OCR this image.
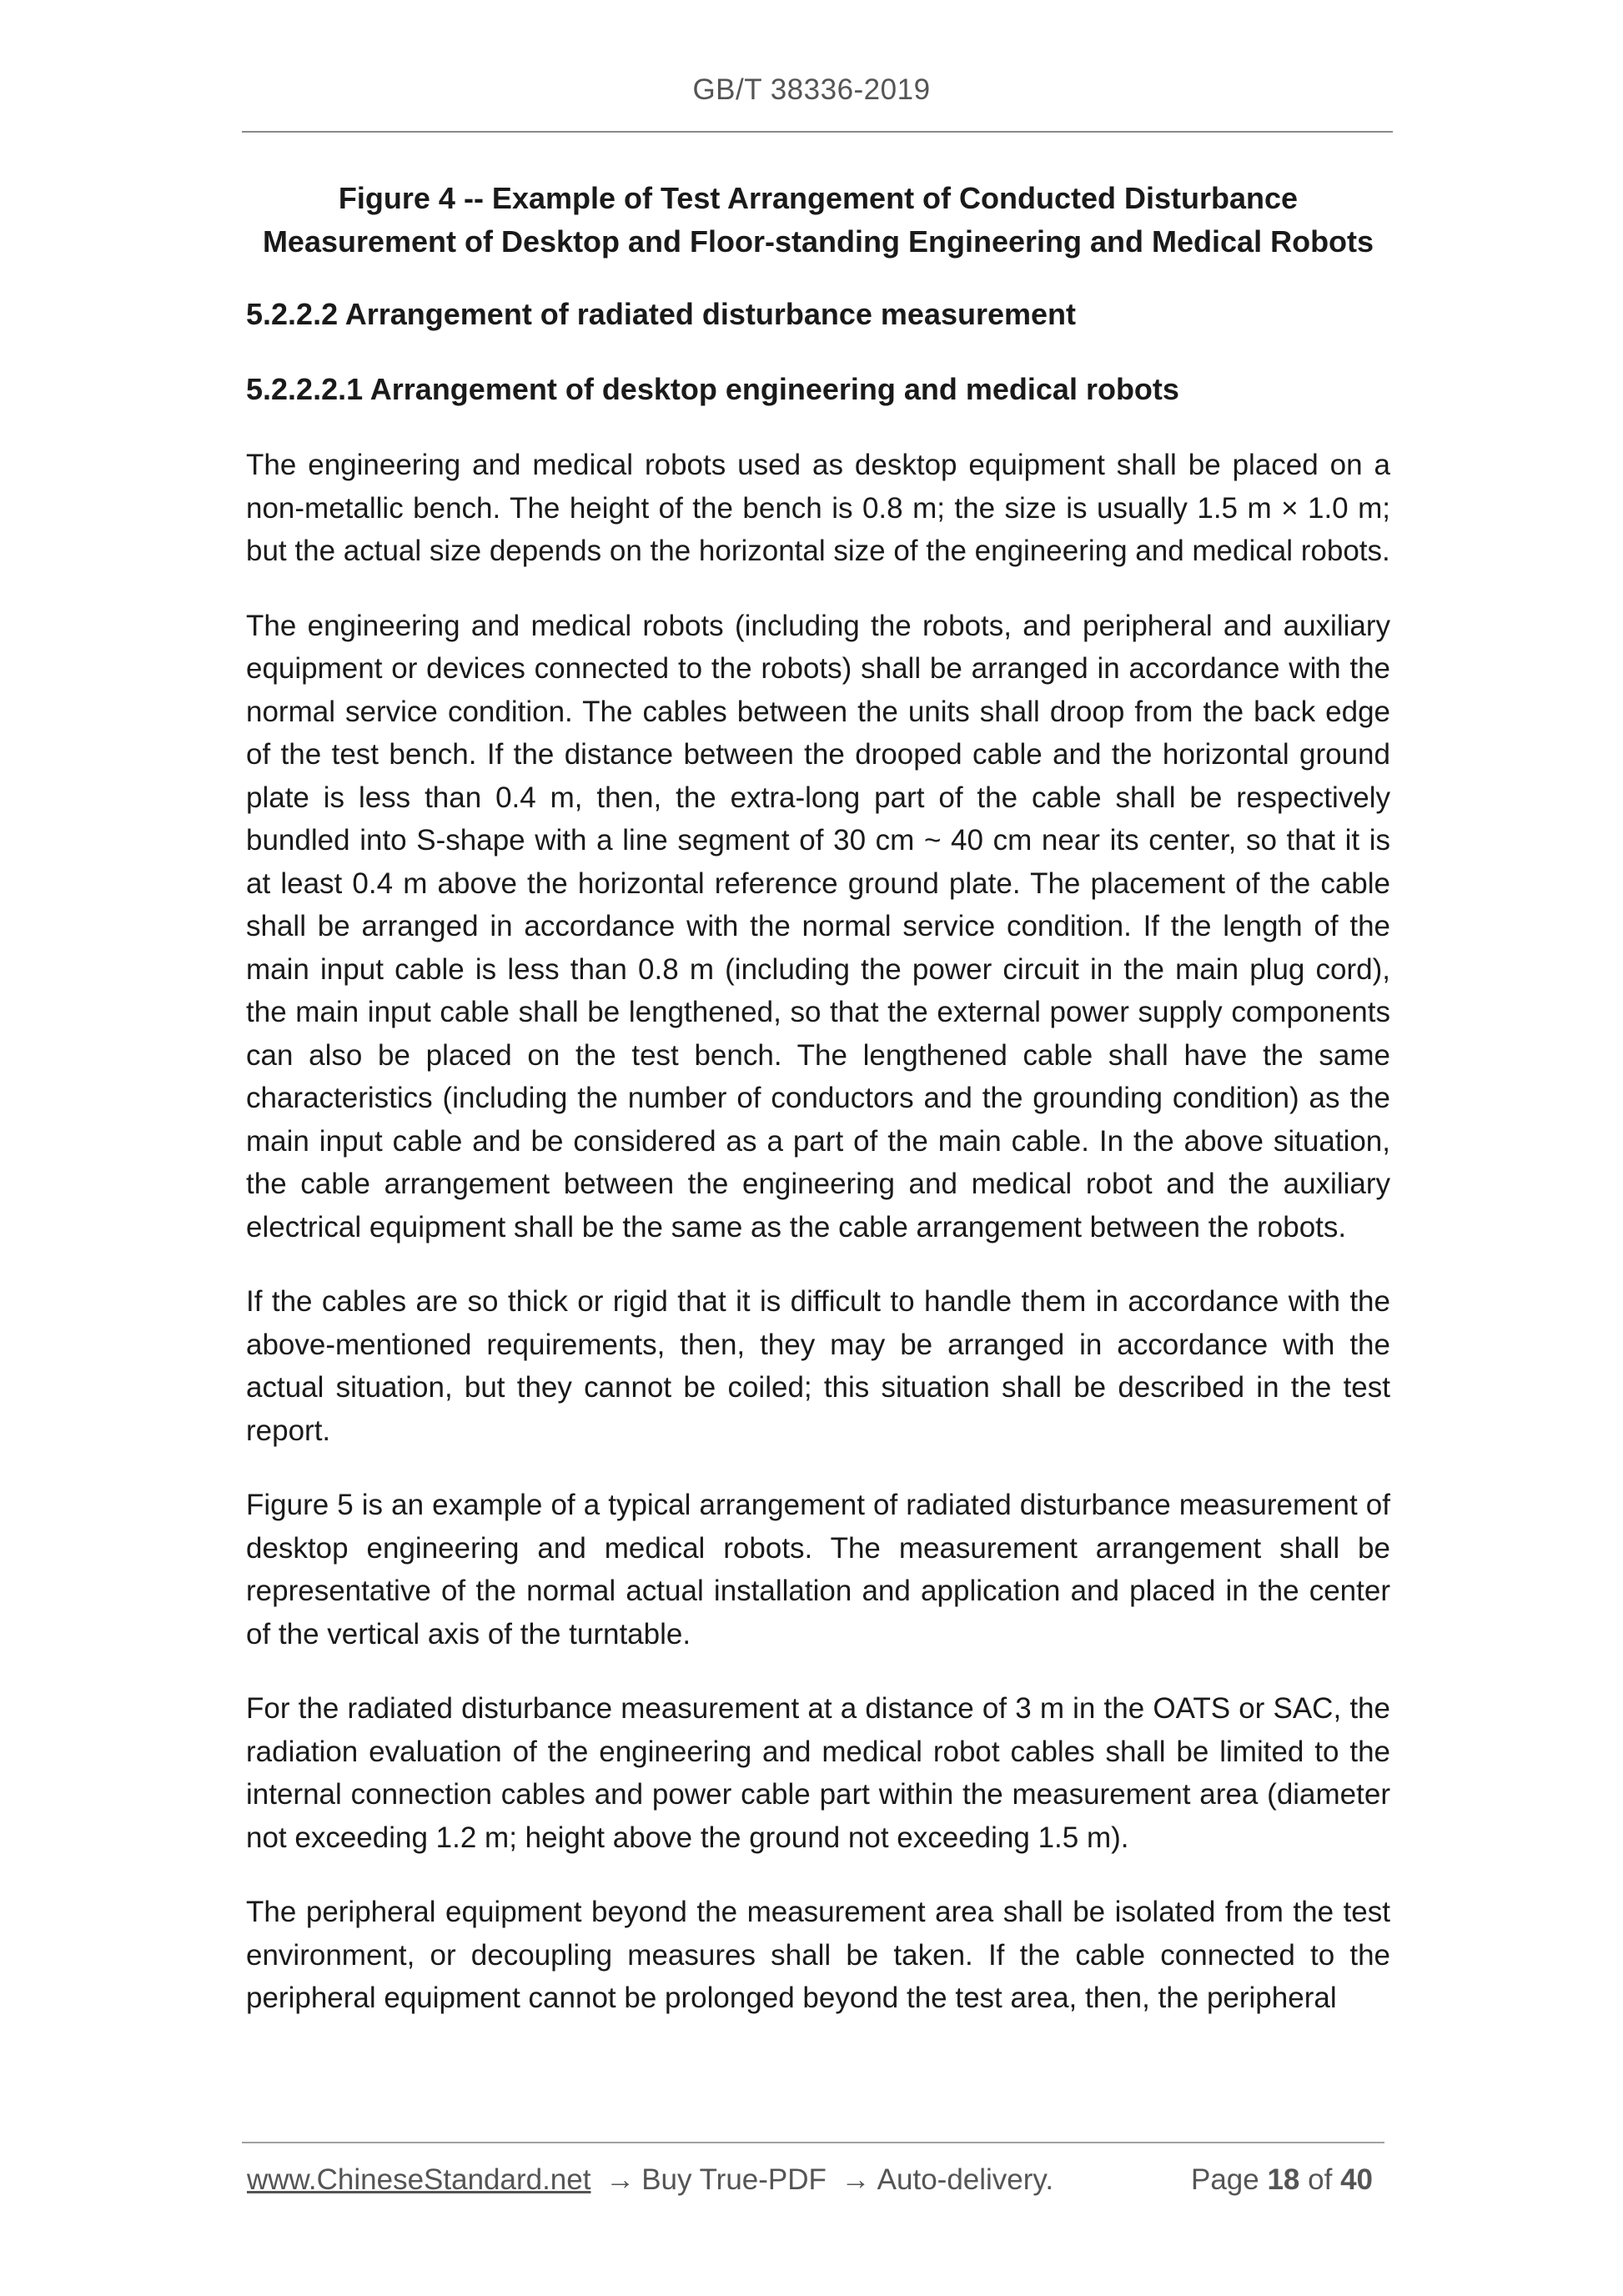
GB/T 38336-2019
Figure 4 -- Example of Test Arrangement of Conducted Disturbance
Measurement of Desktop and Floor-standing Engineering and Medical Robots
5.2.2.2 Arrangement of radiated disturbance measurement
5.2.2.2.1 Arrangement of desktop engineering and medical robots

The engineering and medical robots used as desktop equipment shall be placed on a non-metallic bench. The height of the bench is 0.8 m; the size is usually 1.5 m × 1.0 m; but the actual size depends on the horizontal size of the engineering and medical robots.

The engineering and medical robots (including the robots, and peripheral and auxiliary equipment or devices connected to the robots) shall be arranged in accordance with the normal service condition. The cables between the units shall droop from the back edge of the test bench. If the distance between the drooped cable and the horizontal ground plate is less than 0.4 m, then, the extra-long part of the cable shall be respectively bundled into S-shape with a line segment of 30 cm ~ 40 cm near its center, so that it is at least 0.4 m above the horizontal reference ground plate. The placement of the cable shall be arranged in accordance with the normal service condition. If the length of the main input cable is less than 0.8 m (including the power circuit in the main plug cord), the main input cable shall be lengthened, so that the external power supply components can also be placed on the test bench. The lengthened cable shall have the same characteristics (including the number of conductors and the grounding condition) as the main input cable and be considered as a part of the main cable. In the above situation, the cable arrangement between the engineering and medical robot and the auxiliary electrical equipment shall be the same as the cable arrangement between the robots.

If the cables are so thick or rigid that it is difficult to handle them in accordance with the above-mentioned requirements, then, they may be arranged in accordance with the actual situation, but they cannot be coiled; this situation shall be described in the test report.

Figure 5 is an example of a typical arrangement of radiated disturbance measurement of desktop engineering and medical robots. The measurement arrangement shall be representative of the normal actual installation and application and placed in the center of the vertical axis of the turntable.

For the radiated disturbance measurement at a distance of 3 m in the OATS or SAC, the radiation evaluation of the engineering and medical robot cables shall be limited to the internal connection cables and power cable part within the measurement area (diameter not exceeding 1.2 m; height above the ground not exceeding 1.5 m).

The peripheral equipment beyond the measurement area shall be isolated from the test environment, or decoupling measures shall be taken. If the cable connected to the peripheral equipment cannot be prolonged beyond the test area, then, the peripheral

www.ChineseStandard.net → Buy True-PDF → Auto-delivery.	Page 18 of 40
